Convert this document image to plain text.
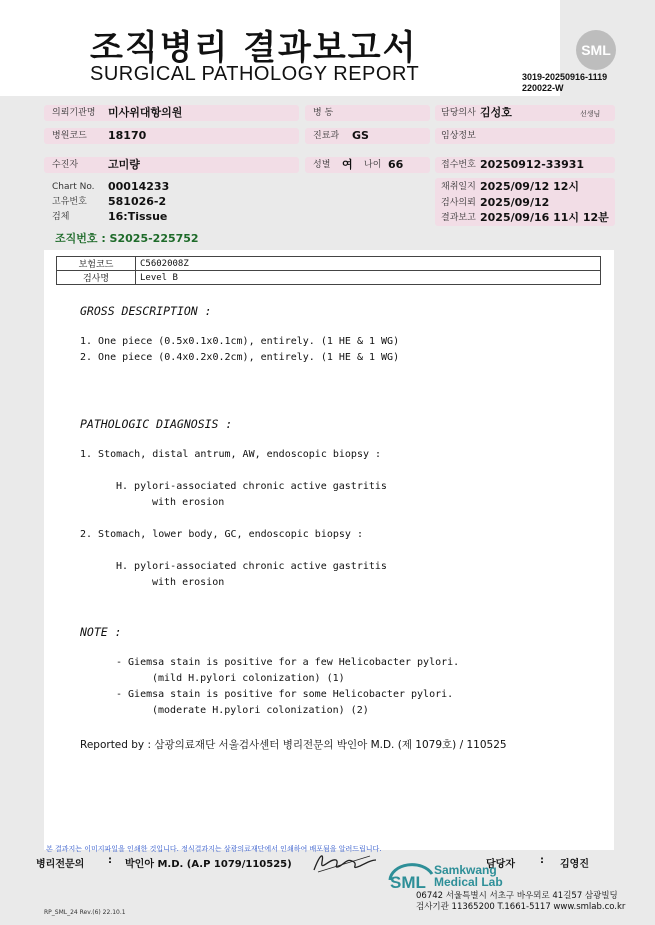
조직병리 결과보고서
SURGICAL PATHOLOGY REPORT
SML
3019-20250916-1119
220022-W
의뢰기관명 미사위대항의원	병 동	담당의사 김성호	선생님
병원코드 18170	진료과 GS	임상정보
수진자	고미량	성별 여 나이 66	접수번호 20250912-33931
Chart No. 00014233
고유번호 581026-2
검체	16:Tissue
채취일지 2025/09/12 12시
검사의뢰 2025/09/12
결과보고 2025/09/16 11시 12분
조직번호 : S2025-225752
보험코드	C5602008Z
검사명	Level B
GROSS DESCRIPTION :
1. One piece (0.5x0.1x0.1cm), entirely. (1 HE & 1 WG)
2. One piece (0.4x0.2x0.2cm), entirely. (1 HE & 1 WG)
PATHOLOGIC DIAGNOSIS :
1. Stomach, distal antrum, AW, endoscopic biopsy :
H. pylori-associated chronic active gastritis
with erosion
2. Stomach, lower body, GC, endoscopic biopsy :
H. pylori-associated chronic active gastritis
with erosion
NOTE :
- Giemsa stain is positive for a few Helicobacter pylori.
(mild H.pylori colonization) (1)
- Giemsa stain is positive for some Helicobacter pylori.
(moderate H.pylori colonization) (2)
Reported by : 삼광의료재단 서울검사센터 병리전문의 박인아 M.D. (제 1079호) / 110525
본 결과지는 이미지파일을 인쇄한 것입니다. 정식결과지는 삼광의료재단에서 인쇄하여 배포됨을 알려드립니다.
병리전문의 : 박인아 M.D. (A.P 1079/110525)	담당자	: 김영진
SML
Samkwang
Medical Lab
06742 서울특별시 서초구 바우뫼로 41길57 삼광빌딩
검사기관 11365200 T.1661-5117 www.smlab.co.kr
RP_SML_24 Rev.(6) 22.10.1
